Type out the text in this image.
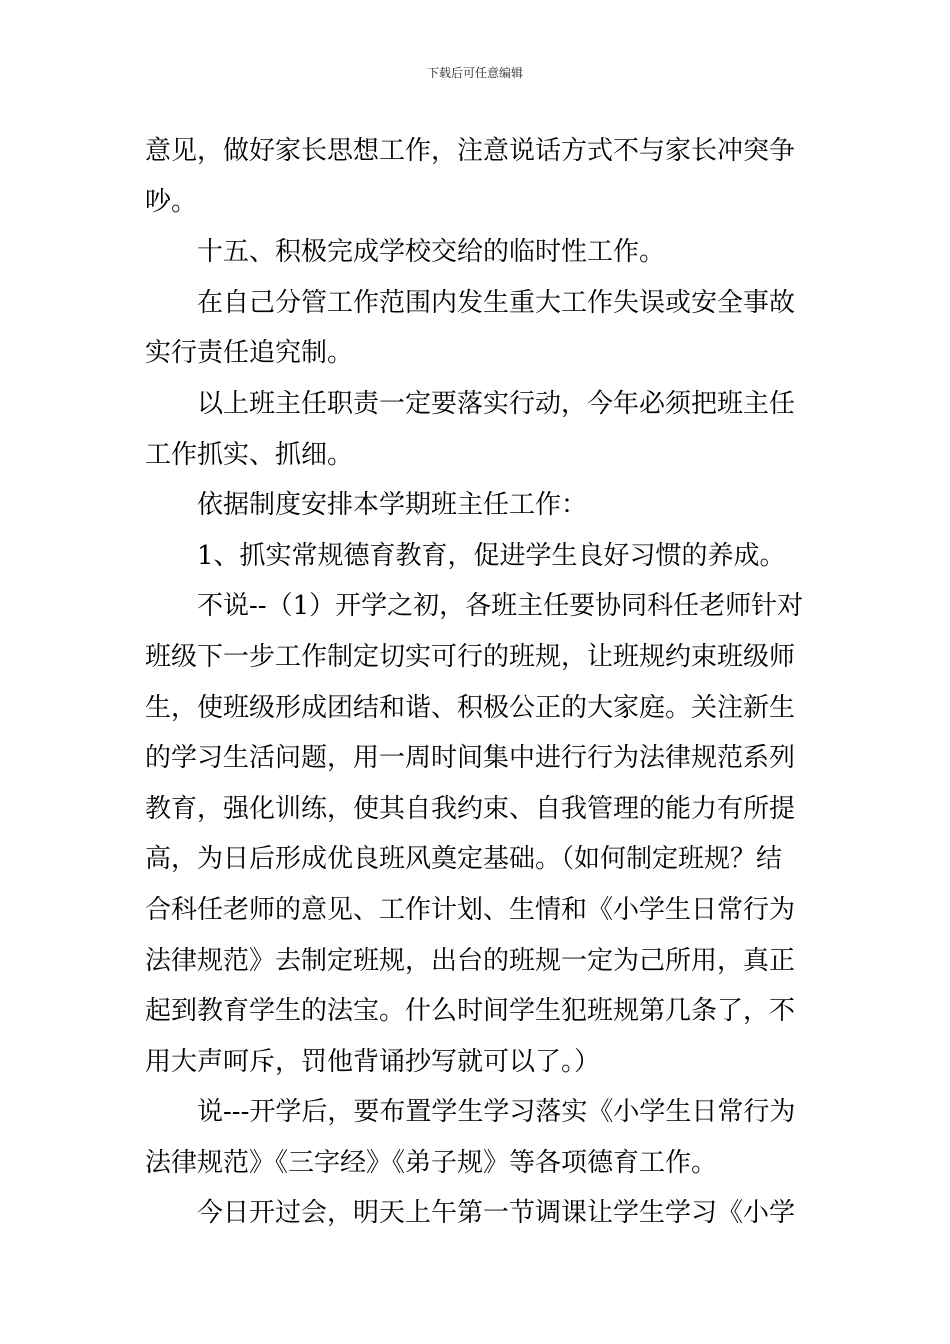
下载后可任意编辑
意见，做好家长思想工作，注意说话方式不与家长冲突争
吵。
十五、积极完成学校交给的临时性工作。
在自己分管工作范围内发生重大工作失误或安全事故
实行责任追究制。
以上班主任职责一定要落实行动，今年必须把班主任
工作抓实、抓细。
依据制度安排本学期班主任工作：
1、抓实常规德育教育，促进学生良好习惯的养成。
不说--（1）开学之初，各班主任要协同科任老师针对
班级下一步工作制定切实可行的班规，让班规约束班级师
生，使班级形成团结和谐、积极公正的大家庭。关注新生
的学习生活问题，用一周时间集中进行行为法律规范系列
教育，强化训练，使其自我约束、自我管理的能力有所提
高，为日后形成优良班风奠定基础。（如何制定班规？结
合科任老师的意见、工作计划、生情和《小学生日常行为
法律规范》去制定班规，出台的班规一定为己所用，真正
起到教育学生的法宝。什么时间学生犯班规第几条了，不
用大声呵斥，罚他背诵抄写就可以了。）
说---开学后，要布置学生学习落实《小学生日常行为
法律规范》《三字经》《弟子规》等各项德育工作。
今日开过会，明天上午第一节调课让学生学习《小学
